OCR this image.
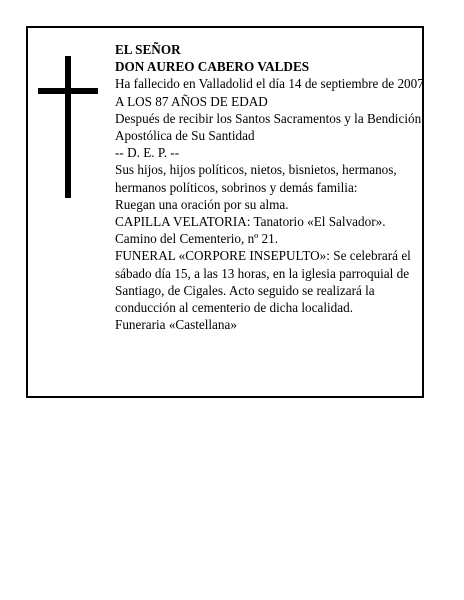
EL SEÑOR
DON AUREO CABERO VALDES
Ha fallecido en Valladolid el día 14 de septiembre de 2007
A LOS 87 AÑOS DE EDAD
Después de recibir los Santos Sacramentos y la Bendición Apostólica de Su Santidad
-- D. E. P. --
Sus hijos, hijos políticos, nietos, bisnietos, hermanos, hermanos políticos, sobrinos y demás familia:
Ruegan una oración por su alma.
CAPILLA VELATORIA: Tanatorio «El Salvador». Camino del Cementerio, nº 21.
FUNERAL «CORPORE INSEPULTO»: Se celebrará el sábado día 15, a las 13 horas, en la iglesia parroquial de Santiago, de Cigales. Acto seguido se realizará la conducción al cementerio de dicha localidad.
Funeraria «Castellana»
